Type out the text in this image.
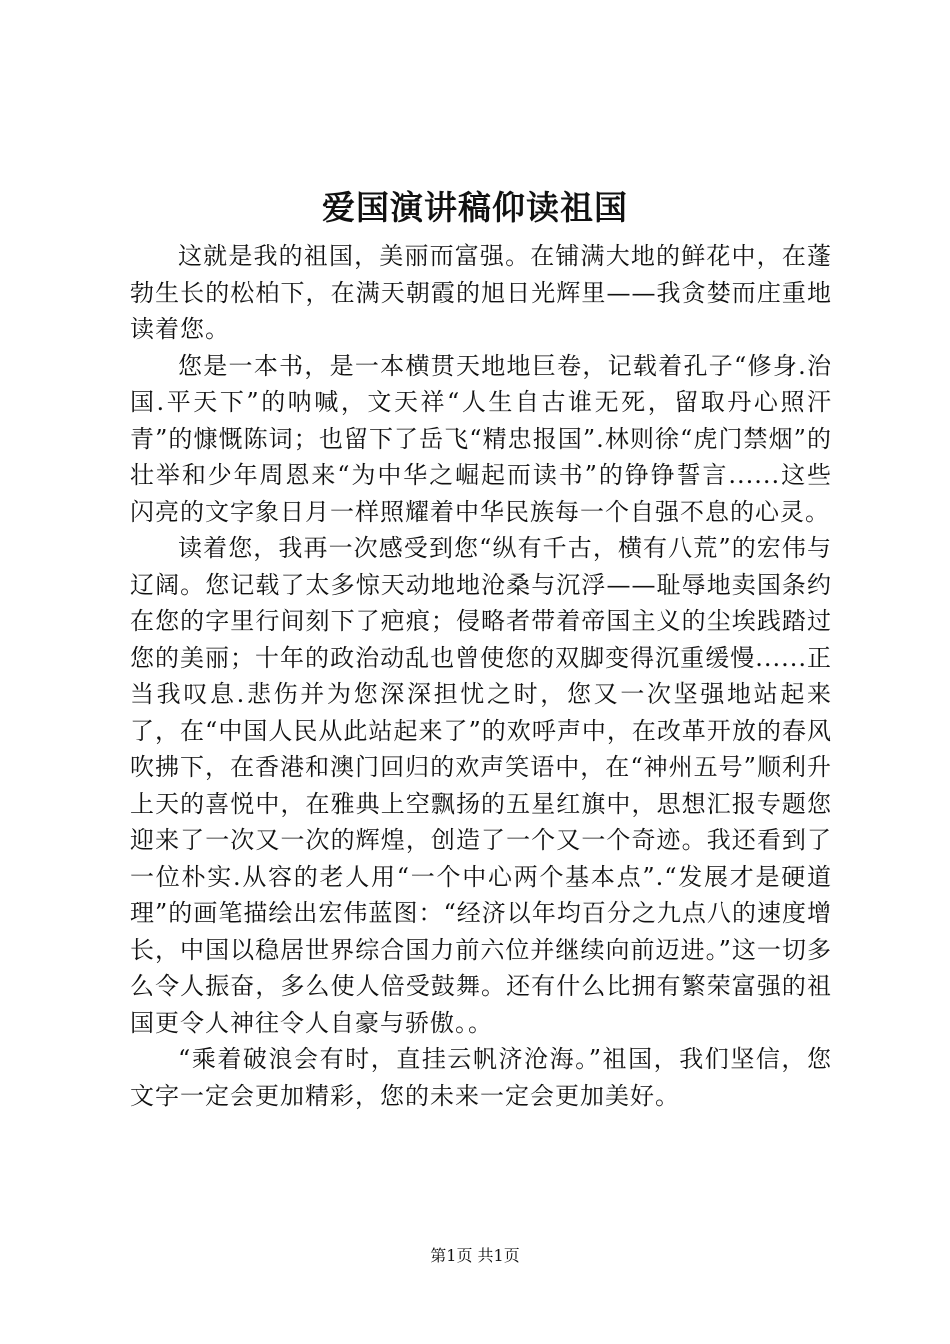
爱国演讲稿仰读祖国

这就是我的祖国，美丽而富强。在铺满大地的鲜花中，在蓬勃生长的松柏下，在满天朝霞的旭日光辉里——我贪婪而庄重地读着您。

您是一本书，是一本横贯天地地巨卷，记载着孔子“修身.治国.平天下”的呐喊，文天祥“人生自古谁无死，留取丹心照汗青”的慷慨陈词；也留下了岳飞“精忠报国”.林则徐“虎门禁烟”的壮举和少年周恩来“为中华之崛起而读书”的铮铮誓言......这些闪亮的文字象日月一样照耀着中华民族每一个自强不息的心灵。

读着您，我再一次感受到您“纵有千古，横有八荒”的宏伟与辽阔。您记载了太多惊天动地地沧桑与沉浮——耻辱地卖国条约在您的字里行间刻下了疤痕；侵略者带着帝国主义的尘埃践踏过您的美丽；十年的政治动乱也曾使您的双脚变得沉重缓慢......正当我叹息.悲伤并为您深深担忧之时，您又一次坚强地站起来了，在“中国人民从此站起来了”的欢呼声中，在改革开放的春风吹拂下，在香港和澳门回归的欢声笑语中，在“神州五号”顺利升上天的喜悦中，在雅典上空飘扬的五星红旗中，思想汇报专题您迎来了一次又一次的辉煌，创造了一个又一个奇迹。我还看到了一位朴实.从容的老人用“一个中心两个基本点”.“发展才是硬道理”的画笔描绘出宏伟蓝图：“经济以年均百分之九点八的速度增长，中国以稳居世界综合国力前六位并继续向前迈进。”这一切多么令人振奋，多么使人倍受鼓舞。还有什么比拥有繁荣富强的祖国更令人神往令人自豪与骄傲。。

“乘着破浪会有时，直挂云帆济沧海。”祖国，我们坚信，您文字一定会更加精彩，您的未来一定会更加美好。

第1页 共1页
